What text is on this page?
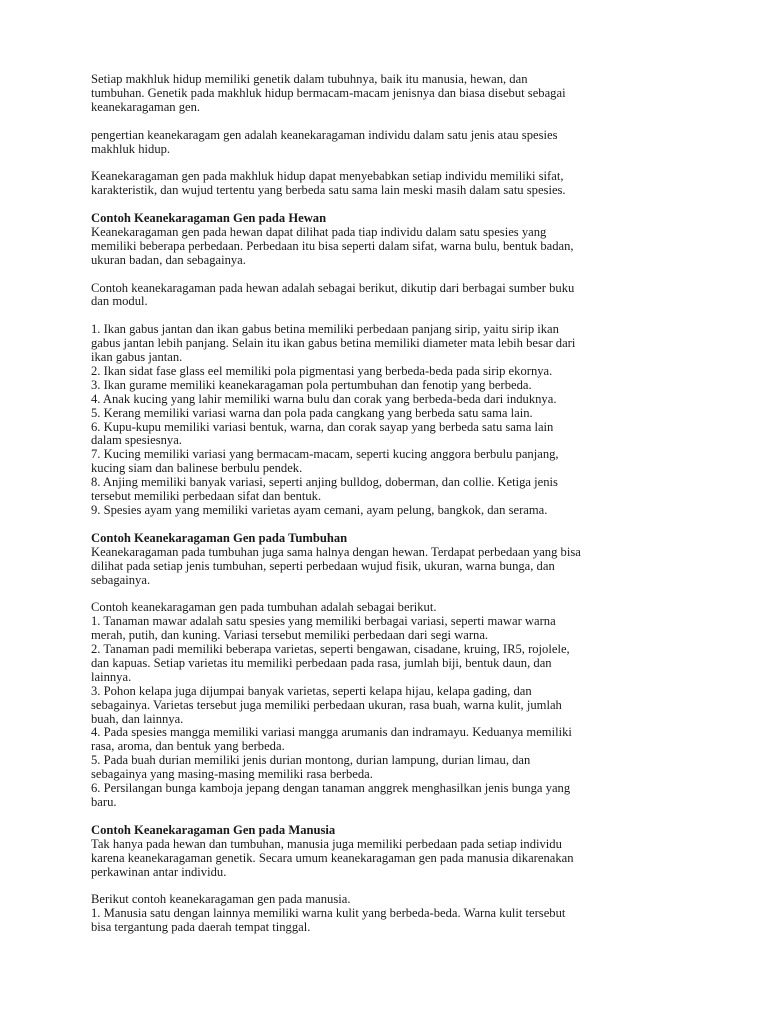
Setiap makhluk hidup memiliki genetik dalam tubuhnya, baik itu manusia, hewan, dan
tumbuhan. Genetik pada makhluk hidup bermacam-macam jenisnya dan biasa disebut sebagai
keanekaragaman gen.
pengertian keanekaragam gen adalah keanekaragaman individu dalam satu jenis atau spesies
makhluk hidup.
Keanekaragaman gen pada makhluk hidup dapat menyebabkan setiap individu memiliki sifat,
karakteristik, dan wujud tertentu yang berbeda satu sama lain meski masih dalam satu spesies.
Contoh Keanekaragaman Gen pada Hewan
Keanekaragaman gen pada hewan dapat dilihat pada tiap individu dalam satu spesies yang
memiliki beberapa perbedaan. Perbedaan itu bisa seperti dalam sifat, warna bulu, bentuk badan,
ukuran badan, dan sebagainya.
Contoh keanekaragaman pada hewan adalah sebagai berikut, dikutip dari berbagai sumber buku
dan modul.
1. Ikan gabus jantan dan ikan gabus betina memiliki perbedaan panjang sirip, yaitu sirip ikan
gabus jantan lebih panjang. Selain itu ikan gabus betina memiliki diameter mata lebih besar dari
ikan gabus jantan.
2. Ikan sidat fase glass eel memiliki pola pigmentasi yang berbeda-beda pada sirip ekornya.
3. Ikan gurame memiliki keanekaragaman pola pertumbuhan dan fenotip yang berbeda.
4. Anak kucing yang lahir memiliki warna bulu dan corak yang berbeda-beda dari induknya.
5. Kerang memiliki variasi warna dan pola pada cangkang yang berbeda satu sama lain.
6. Kupu-kupu memiliki variasi bentuk, warna, dan corak sayap yang berbeda satu sama lain
dalam spesiesnya.
7. Kucing memiliki variasi yang bermacam-macam, seperti kucing anggora berbulu panjang,
kucing siam dan balinese berbulu pendek.
8. Anjing memiliki banyak variasi, seperti anjing bulldog, doberman, dan collie. Ketiga jenis
tersebut memiliki perbedaan sifat dan bentuk.
9. Spesies ayam yang memiliki varietas ayam cemani, ayam pelung, bangkok, dan serama.
Contoh Keanekaragaman Gen pada Tumbuhan
Keanekaragaman pada tumbuhan juga sama halnya dengan hewan. Terdapat perbedaan yang bisa
dilihat pada setiap jenis tumbuhan, seperti perbedaan wujud fisik, ukuran, warna bunga, dan
sebagainya.
Contoh keanekaragaman gen pada tumbuhan adalah sebagai berikut.
1. Tanaman mawar adalah satu spesies yang memiliki berbagai variasi, seperti mawar warna
merah, putih, dan kuning. Variasi tersebut memiliki perbedaan dari segi warna.
2. Tanaman padi memiliki beberapa varietas, seperti bengawan, cisadane, kruing, IR5, rojolele,
dan kapuas. Setiap varietas itu memiliki perbedaan pada rasa, jumlah biji, bentuk daun, dan
lainnya.
3. Pohon kelapa juga dijumpai banyak varietas, seperti kelapa hijau, kelapa gading, dan
sebagainya. Varietas tersebut juga memiliki perbedaan ukuran, rasa buah, warna kulit, jumlah
buah, dan lainnya.
4. Pada spesies mangga memiliki variasi mangga arumanis dan indramayu. Keduanya memiliki
rasa, aroma, dan bentuk yang berbeda.
5. Pada buah durian memiliki jenis durian montong, durian lampung, durian limau, dan
sebagainya yang masing-masing memiliki rasa berbeda.
6. Persilangan bunga kamboja jepang dengan tanaman anggrek menghasilkan jenis bunga yang
baru.
Contoh Keanekaragaman Gen pada Manusia
Tak hanya pada hewan dan tumbuhan, manusia juga memiliki perbedaan pada setiap individu
karena keanekaragaman genetik. Secara umum keanekaragaman gen pada manusia dikarenakan
perkawinan antar individu.
Berikut contoh keanekaragaman gen pada manusia.
1. Manusia satu dengan lainnya memiliki warna kulit yang berbeda-beda. Warna kulit tersebut
bisa tergantung pada daerah tempat tinggal.
